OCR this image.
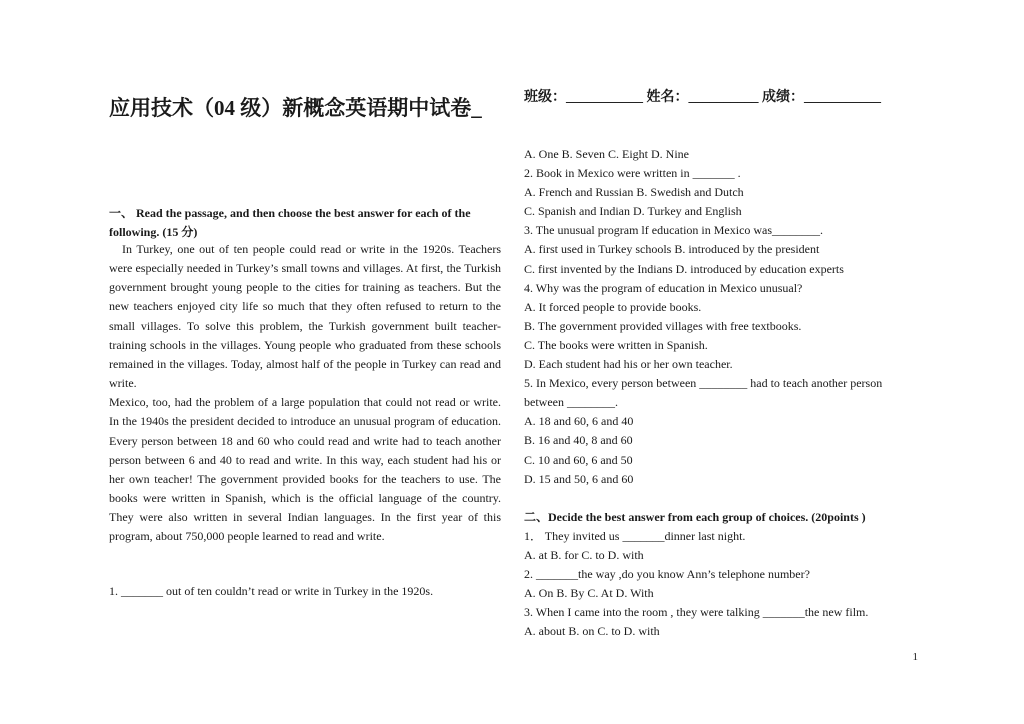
应用技术（04 级）新概念英语期中试卷_	班级：___________ 姓名：__________ 成绩：___________
一、 Read the passage, and then choose the best answer for each of the following. (15 分)

In Turkey, one out of ten people could read or write in the 1920s. Teachers were especially needed in Turkey’s small towns and villages. At first, the Turkish government brought young people to the cities for training as teachers. But the new teachers enjoyed city life so much that they often refused to return to the small villages. To solve this problem, the Turkish government built teacher-training schools in the villages. Young people who graduated from these schools remained in the villages. Today, almost half of the people in Turkey can read and write.

Mexico, too, had the problem of a large population that could not read or write. In the 1940s the president decided to introduce an unusual program of education. Every person between 18 and 60 who could read and write had to teach another person between 6 and 40 to read and write. In this way, each student had his or her own teacher! The government provided books for the teachers to use. The books were written in Spanish, which is the official language of the country. They were also written in several Indian languages. In the first year of this program, about 750,000 people learned to read and write.

1. _______ out of ten couldn’t read or write in Turkey in the 1920s.
A. One B. Seven C. Eight D. Nine
2. Book in Mexico were written in _______ .
A. French and Russian B. Swedish and Dutch
C. Spanish and Indian D. Turkey and English
3. The unusual program lf education in Mexico was________.
A. first used in Turkey schools B. introduced by the president
C. first invented by the Indians D. introduced by education experts
4. Why was the program of education in Mexico unusual?
A. It forced people to provide books.
B. The government provided villages with free textbooks.
C. The books were written in Spanish.
D. Each student had his or her own teacher.
5. In Mexico, every person between ________ had to teach another person
between ________.
A. 18 and 60, 6 and 40
B. 16 and 40, 8 and 60
C. 10 and 60, 6 and 50
D. 15 and 50, 6 and 60
二、Decide the best answer from each group of choices. (20points )
1． They invited us _______dinner last night.
A. at B. for C. to D. with
2. _______the way ,do you know Ann’s telephone number?
A. On B. By C. At D. With
3. When I came into the room , they were talking _______the new film.
A. about B. on C. to D. with
1
